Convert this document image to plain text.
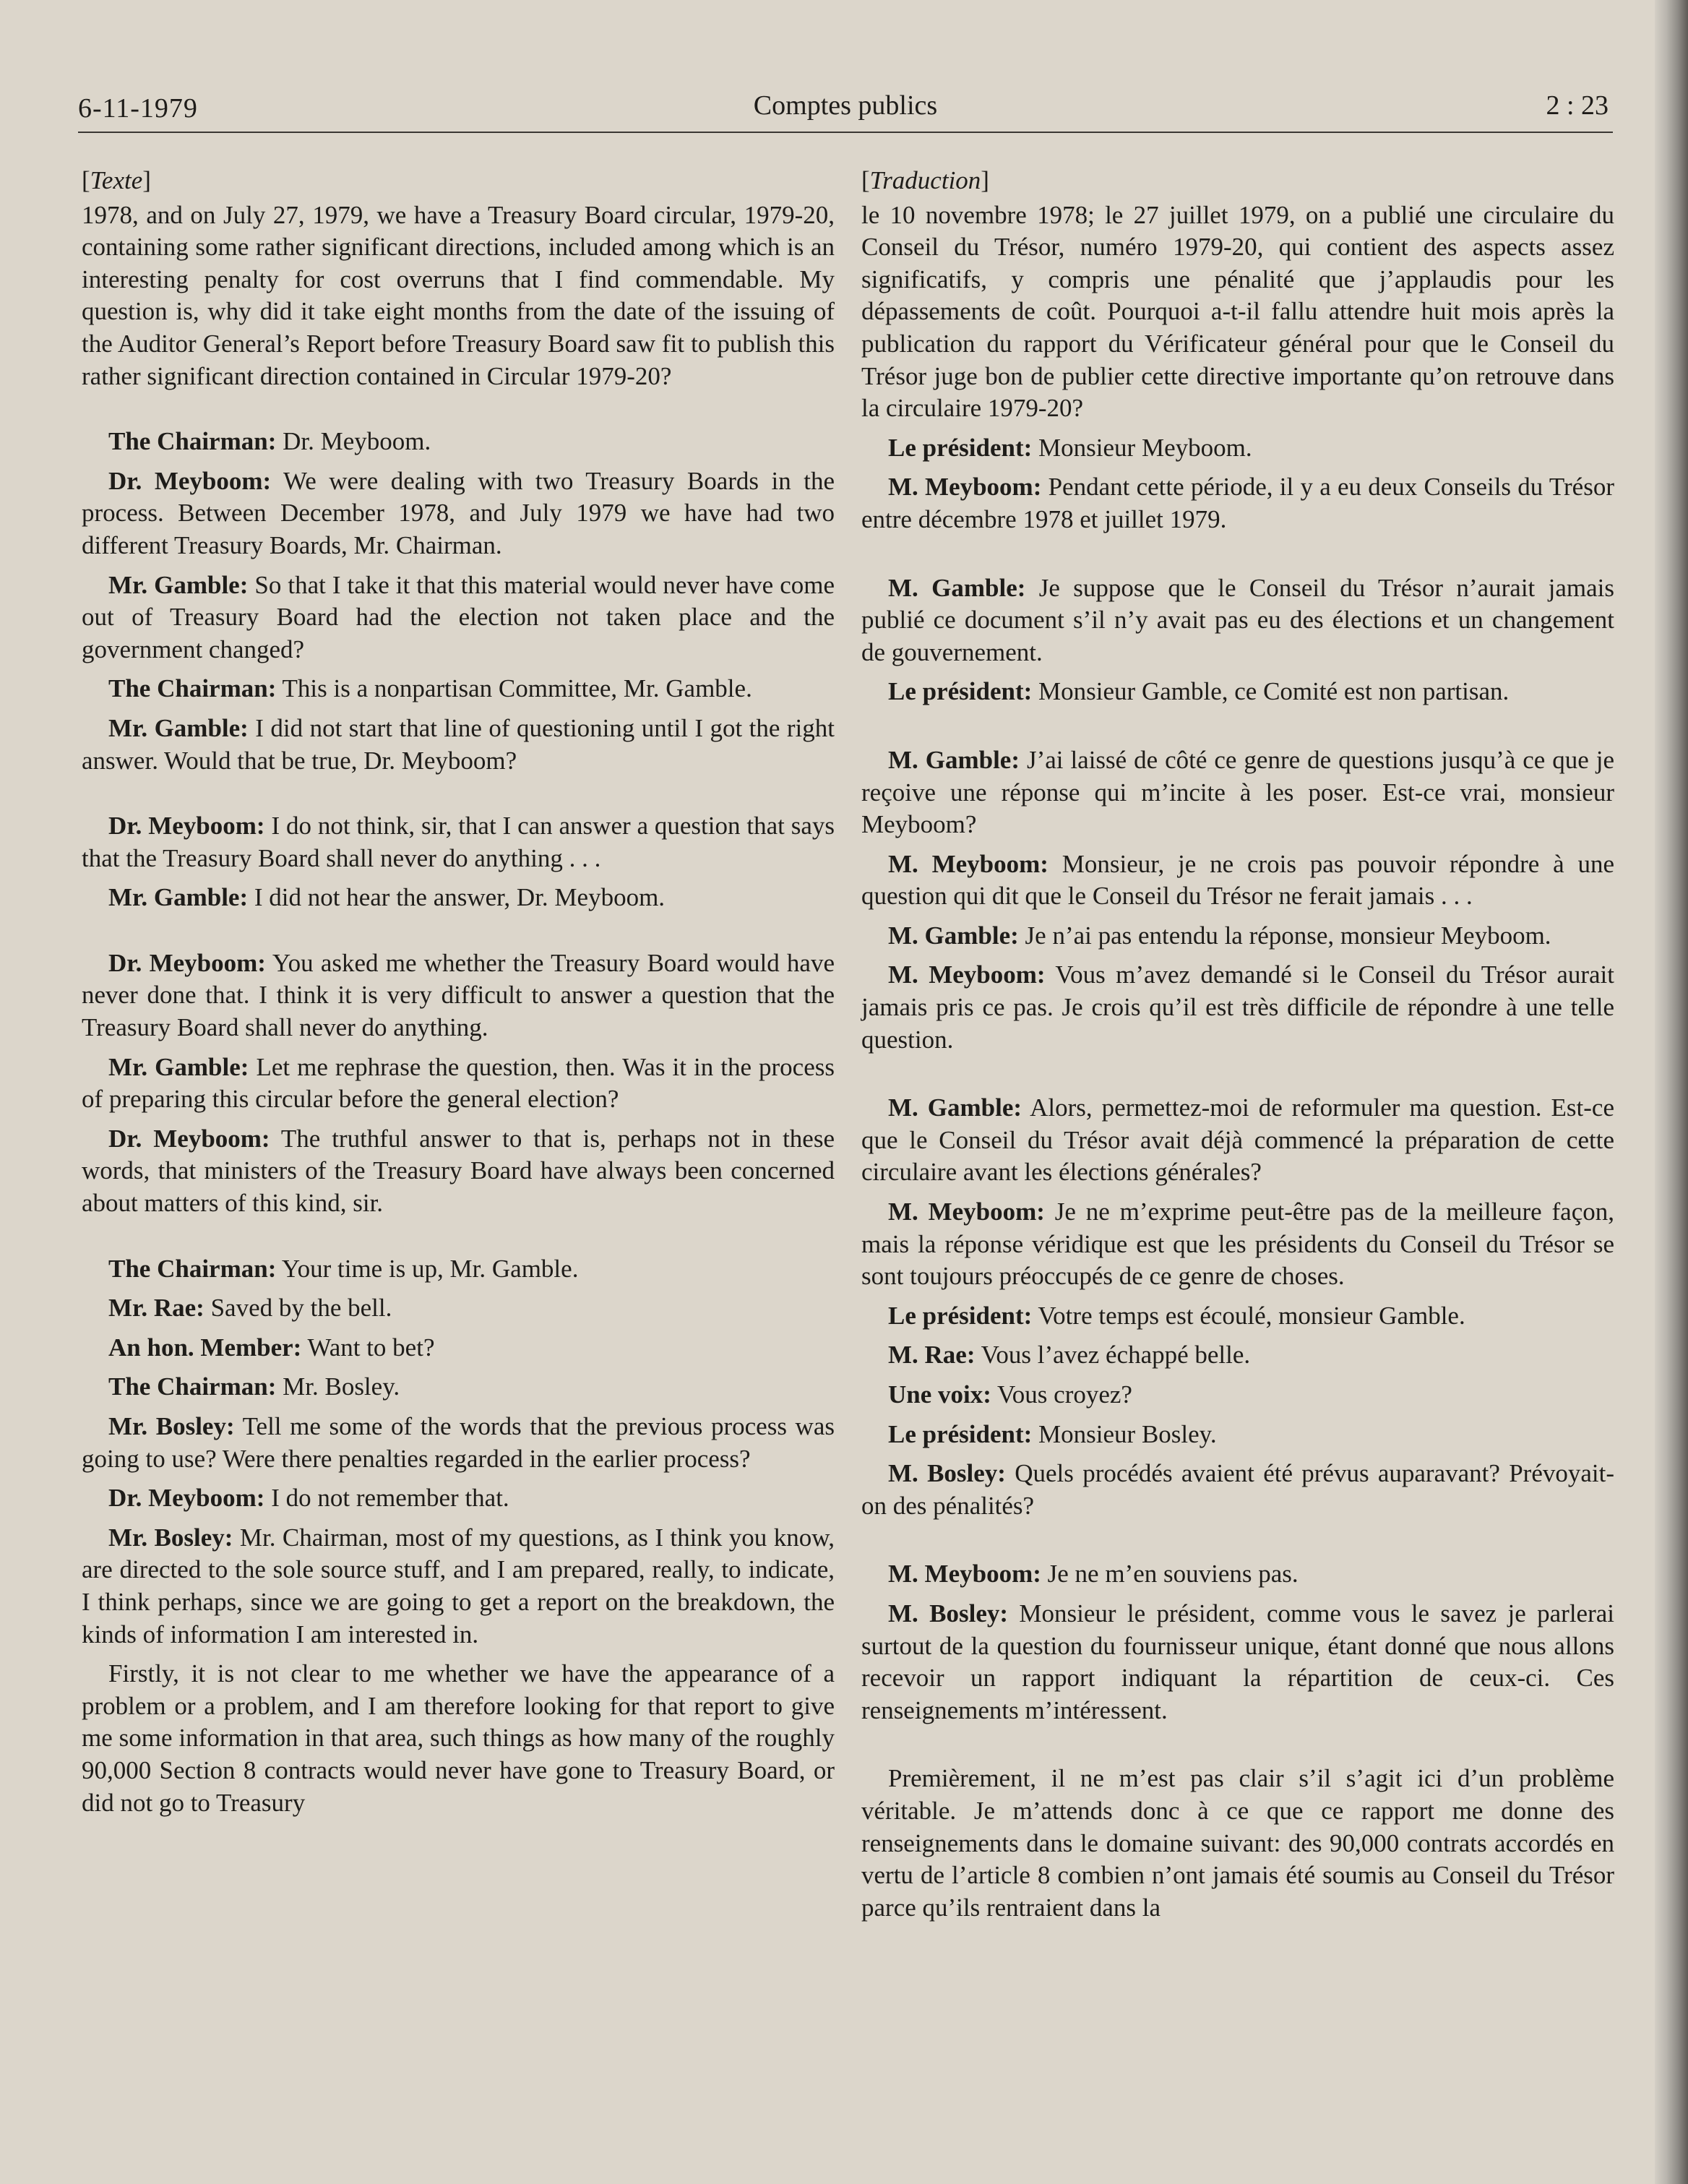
6-11-1979	Comptes publics	2 : 23
[Texte]

1978, and on July 27, 1979, we have a Treasury Board circular, 1979-20, containing some rather significant directions, included among which is an interesting penalty for cost overruns that I find commendable. My question is, why did it take eight months from the date of the issuing of the Auditor General’s Report before Treasury Board saw fit to publish this rather significant direction contained in Circular 1979-20?

The Chairman: Dr. Meyboom.

Dr. Meyboom: We were dealing with two Treasury Boards in the process. Between December 1978, and July 1979 we have had two different Treasury Boards, Mr. Chairman.

Mr. Gamble: So that I take it that this material would never have come out of Treasury Board had the election not taken place and the government changed?

The Chairman: This is a nonpartisan Committee, Mr. Gamble.

Mr. Gamble: I did not start that line of questioning until I got the right answer. Would that be true, Dr. Meyboom?

Dr. Meyboom: I do not think, sir, that I can answer a question that says that the Treasury Board shall never do anything . . .

Mr. Gamble: I did not hear the answer, Dr. Meyboom.

Dr. Meyboom: You asked me whether the Treasury Board would have never done that. I think it is very difficult to answer a question that the Treasury Board shall never do anything.

Mr. Gamble: Let me rephrase the question, then. Was it in the process of preparing this circular before the general election?

Dr. Meyboom: The truthful answer to that is, perhaps not in these words, that ministers of the Treasury Board have always been concerned about matters of this kind, sir.

The Chairman: Your time is up, Mr. Gamble.

Mr. Rae: Saved by the bell.

An hon. Member: Want to bet?

The Chairman: Mr. Bosley.

Mr. Bosley: Tell me some of the words that the previous process was going to use? Were there penalties regarded in the earlier process?

Dr. Meyboom: I do not remember that.

Mr. Bosley: Mr. Chairman, most of my questions, as I think you know, are directed to the sole source stuff, and I am prepared, really, to indicate, I think perhaps, since we are going to get a report on the breakdown, the kinds of information I am interested in.

Firstly, it is not clear to me whether we have the appearance of a problem or a problem, and I am therefore looking for that report to give me some information in that area, such things as how many of the roughly 90,000 Section 8 contracts would never have gone to Treasury Board, or did not go to Treasury

[Traduction]

le 10 novembre 1978; le 27 juillet 1979, on a publié une circulaire du Conseil du Trésor, numéro 1979-20, qui contient des aspects assez significatifs, y compris une pénalité que j’applaudis pour les dépassements de coût. Pourquoi a-t-il fallu attendre huit mois après la publication du rapport du Vérificateur général pour que le Conseil du Trésor juge bon de publier cette directive importante qu’on retrouve dans la circulaire 1979-20?

Le président: Monsieur Meyboom.

M. Meyboom: Pendant cette période, il y a eu deux Conseils du Trésor entre décembre 1978 et juillet 1979.

M. Gamble: Je suppose que le Conseil du Trésor n’aurait jamais publié ce document s’il n’y avait pas eu des élections et un changement de gouvernement.

Le président: Monsieur Gamble, ce Comité est non partisan.

M. Gamble: J’ai laissé de côté ce genre de questions jusqu’à ce que je reçoive une réponse qui m’incite à les poser. Est-ce vrai, monsieur Meyboom?

M. Meyboom: Monsieur, je ne crois pas pouvoir répondre à une question qui dit que le Conseil du Trésor ne ferait jamais . . .

M. Gamble: Je n’ai pas entendu la réponse, monsieur Meyboom.

M. Meyboom: Vous m’avez demandé si le Conseil du Trésor aurait jamais pris ce pas. Je crois qu’il est très difficile de répondre à une telle question.

M. Gamble: Alors, permettez-moi de reformuler ma question. Est-ce que le Conseil du Trésor avait déjà commencé la préparation de cette circulaire avant les élections générales?

M. Meyboom: Je ne m’exprime peut-être pas de la meilleure façon, mais la réponse véridique est que les présidents du Conseil du Trésor se sont toujours préoccupés de ce genre de choses.

Le président: Votre temps est écoulé, monsieur Gamble.

M. Rae: Vous l’avez échappé belle.

Une voix: Vous croyez?

Le président: Monsieur Bosley.

M. Bosley: Quels procédés avaient été prévus auparavant? Prévoyait-on des pénalités?

M. Meyboom: Je ne m’en souviens pas.

M. Bosley: Monsieur le président, comme vous le savez je parlerai surtout de la question du fournisseur unique, étant donné que nous allons recevoir un rapport indiquant la répartition de ceux-ci. Ces renseignements m’intéressent.

Premièrement, il ne m’est pas clair s’il s’agit ici d’un problème véritable. Je m’attends donc à ce que ce rapport me donne des renseignements dans le domaine suivant: des 90,000 contrats accordés en vertu de l’article 8 combien n’ont jamais été soumis au Conseil du Trésor parce qu’ils rentraient dans la
